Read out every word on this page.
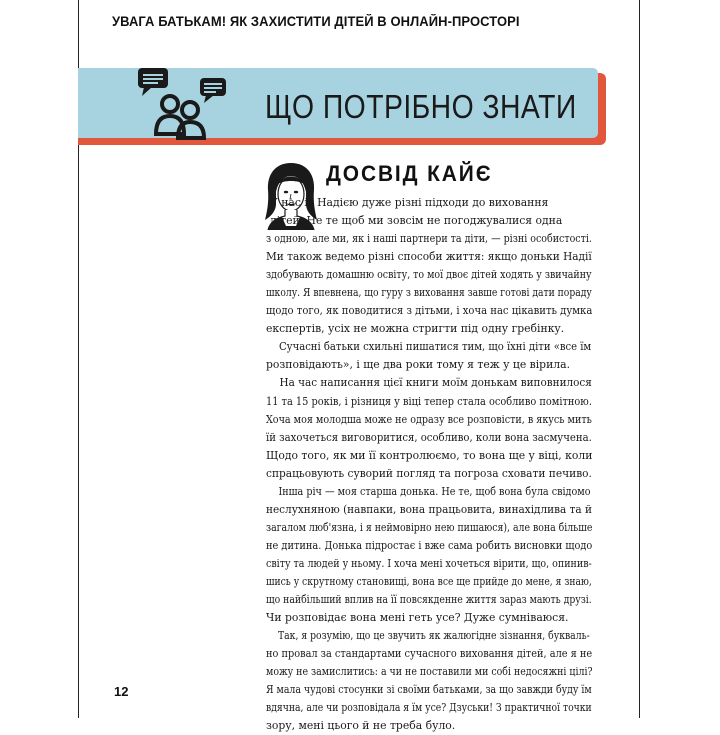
УВАГА БАТЬКАМ! ЯК ЗАХИСТИТИ ДІТЕЙ В ОНЛАЙН-ПРОСТОРІ
ЩО ПОТРІБНО ЗНАТИ
ДОСВІД КАЙЄ
У нас із Надією дуже різні підходи до виховання
дітей. Не те щоб ми зовсім не погоджувалися одна
з одною, але ми, як і наші партнери та діти, — різні особистості.
Ми також ведемо різні способи життя: якщо доньки Надії
здобувають домашню освіту, то мої двоє дітей ходять у звичайну
школу. Я впевнена, що гуру з виховання завше готові дати пораду
щодо того, як поводитися з дітьми, і хоча нас цікавить думка
експертів, усіх не можна стригти під одну гребінку.
Сучасні батьки схильні пишатися тим, що їхні діти «все їм
розповідають», і ще два роки тому я теж у це вірила.
На час написання цієї книги моїм донькам виповнилося
11 та 15 років, і різниця у віці тепер стала особливо помітною.
Хоча моя молодша може не одразу все розповісти, в якусь мить
їй захочеться виговоритися, особливо, коли вона засмучена.
Щодо того, як ми її контролюємо, то вона ще у віці, коли
спрацьовують суворий погляд та погроза сховати печиво.
Інша річ — моя старша донька. Не те, щоб вона була свідомо
неслухняною (навпаки, вона працьовита, винахідлива та й
загалом люб'язна, і я неймовірно нею пишаюся), але вона більше
не дитина. Донька підростає і вже сама робить висновки щодо
світу та людей у ньому. І хоча мені хочеться вірити, що, опинив-
шись у скрутному становищі, вона все ще прийде до мене, я знаю,
що найбільший вплив на її повсякденне життя зараз мають друзі.
Чи розповідає вона мені геть усе? Дуже сумніваюся.
Так, я розумію, що це звучить як жалюгідне зізнання, букваль-
но провал за стандартами сучасного виховання дітей, але я не
можу не замислитись: а чи не поставили ми собі недосяжні цілі?
Я мала чудові стосунки зі своїми батьками, за що завжди буду їм
вдячна, але чи розповідала я їм усе? Дзуськи! З практичної точки
зору, мені цього й не треба було.
12
